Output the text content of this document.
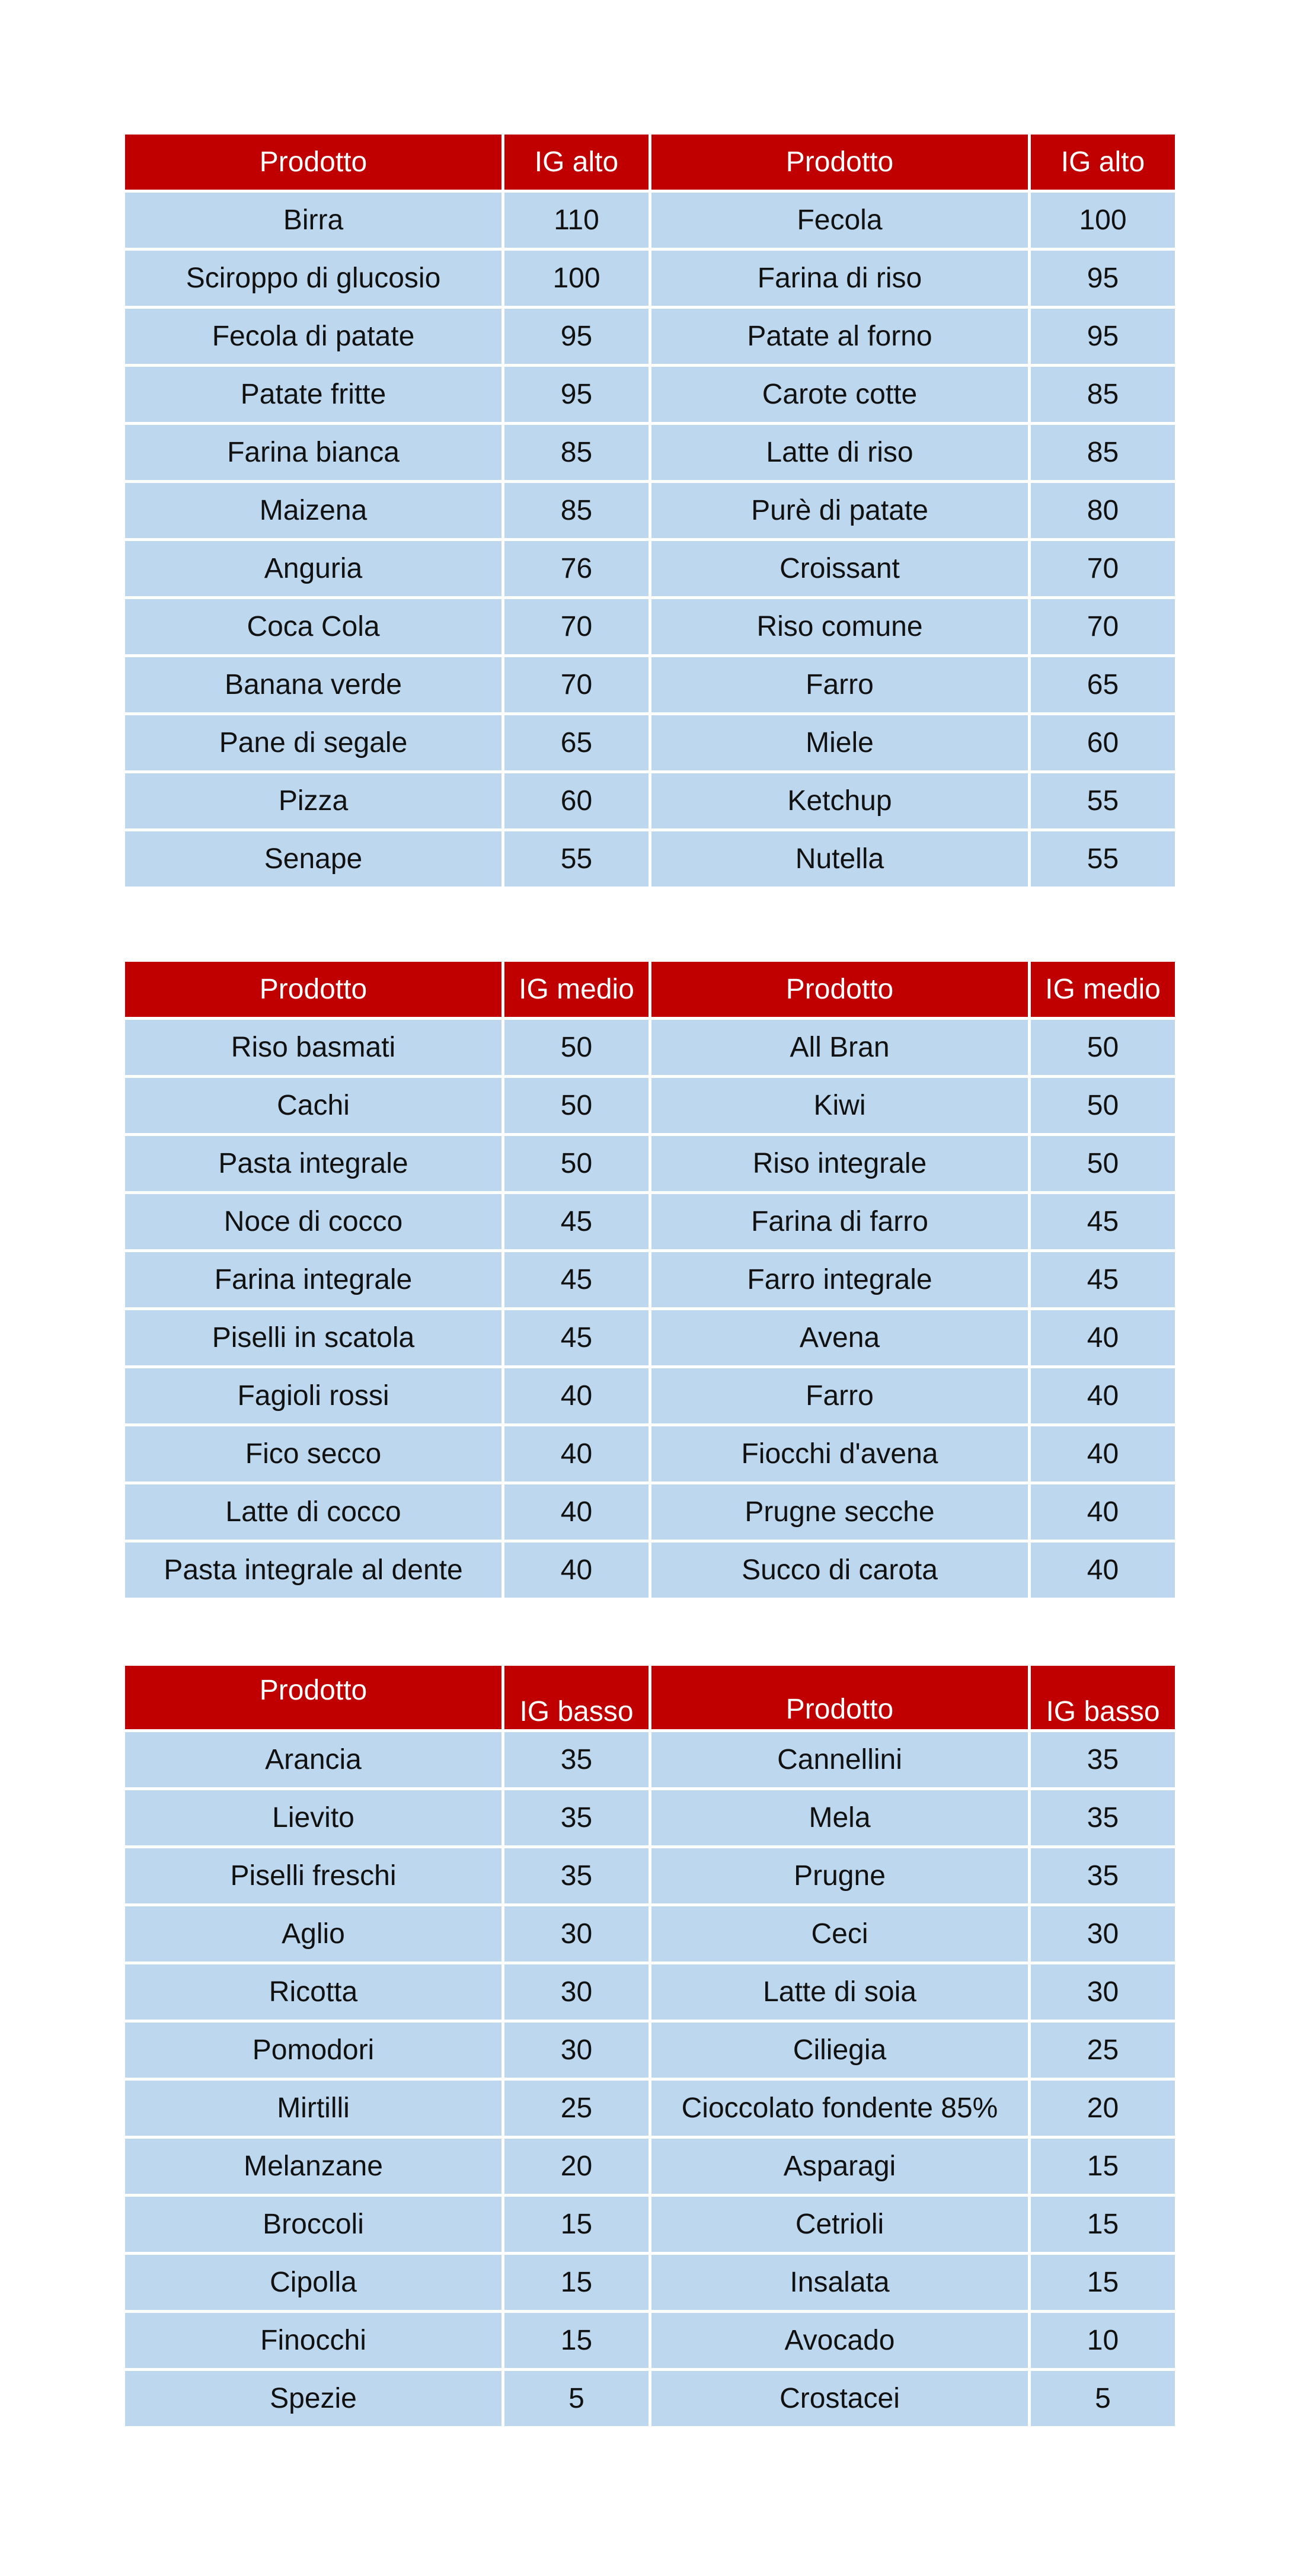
Prodotto	IG alto	Prodotto	IG alto
Birra	110	Fecola	100
Sciroppo di glucosio	100	Farina di riso	95
Fecola di patate	95	Patate al forno	95
Patate fritte	95	Carote cotte	85
Farina bianca	85	Latte di riso	85
Maizena	85	Purè di patate	80
Anguria	76	Croissant	70
Coca Cola	70	Riso comune	70
Banana verde	70	Farro	65
Pane di segale	65	Miele	60
Pizza	60	Ketchup	55
Senape	55	Nutella	55
Prodotto	IG medio	Prodotto	IG medio
Riso basmati	50	All Bran	50
Cachi	50	Kiwi	50
Pasta integrale	50	Riso integrale	50
Noce di cocco	45	Farina di farro	45
Farina integrale	45	Farro integrale	45
Piselli in scatola	45	Avena	40
Fagioli rossi	40	Farro	40
Fico secco	40	Fiocchi d'avena	40
Latte di cocco	40	Prugne secche	40
Pasta integrale al dente	40	Succo di carota	40
Prodotto	IG basso	Prodotto	IG basso
Arancia	35	Cannellini	35
Lievito	35	Mela	35
Piselli freschi	35	Prugne	35
Aglio	30	Ceci	30
Ricotta	30	Latte di soia	30
Pomodori	30	Ciliegia	25
Mirtilli	25	Cioccolato fondente 85%	20
Melanzane	20	Asparagi	15
Broccoli	15	Cetrioli	15
Cipolla	15	Insalata	15
Finocchi	15	Avocado	10
Spezie	5	Crostacei	5
